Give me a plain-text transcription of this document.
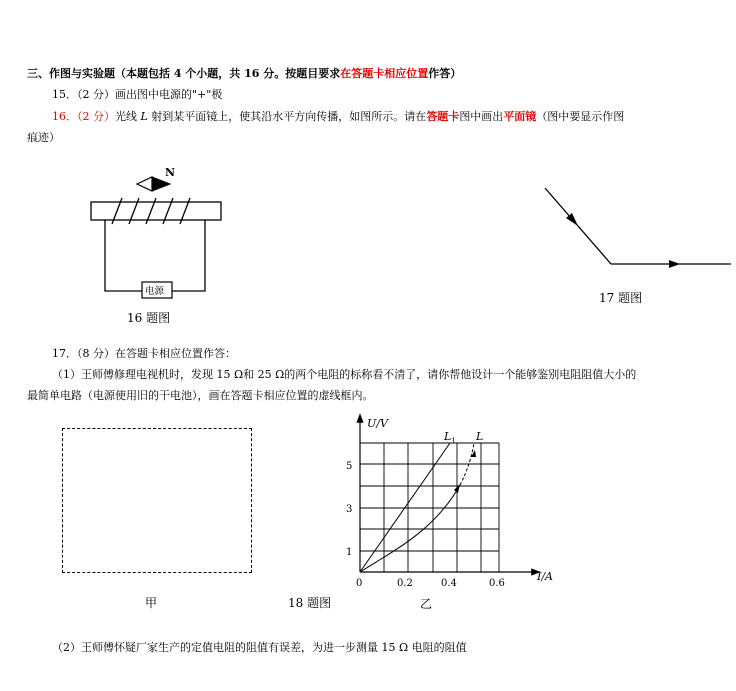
三、作图与实验题（本题包括 4 个小题，共 16 分。按题目要求在答题卡相应位置作答）
15．（2 分）画出图中电源的"+"极
16．（2 分）光线 L 射到某平面镜上，使其沿水平方向传播，如图所示。请在答题卡图中画出平面镜（图中要显示作图
痕迹）
N
电源
16 题图
17 题图
17．（8 分）在答题卡相应位置作答：
（1）王师傅修理电视机时，发现 15 Ω和 25 Ω的两个电阻的标称看不清了，请你帮他设计一个能够鉴别电阻阻值大小的
最简单电路（电源使用旧的干电池），画在答题卡相应位置的虚线框内。
甲	18 题图
U/V
I/A
1
3
5
0	0.2	0.4	0.6
$L_1$ L
乙
（2）王师傅怀疑厂家生产的定值电阻的阻值有误差，为进一步测量 15 Ω 电阻的阻值
